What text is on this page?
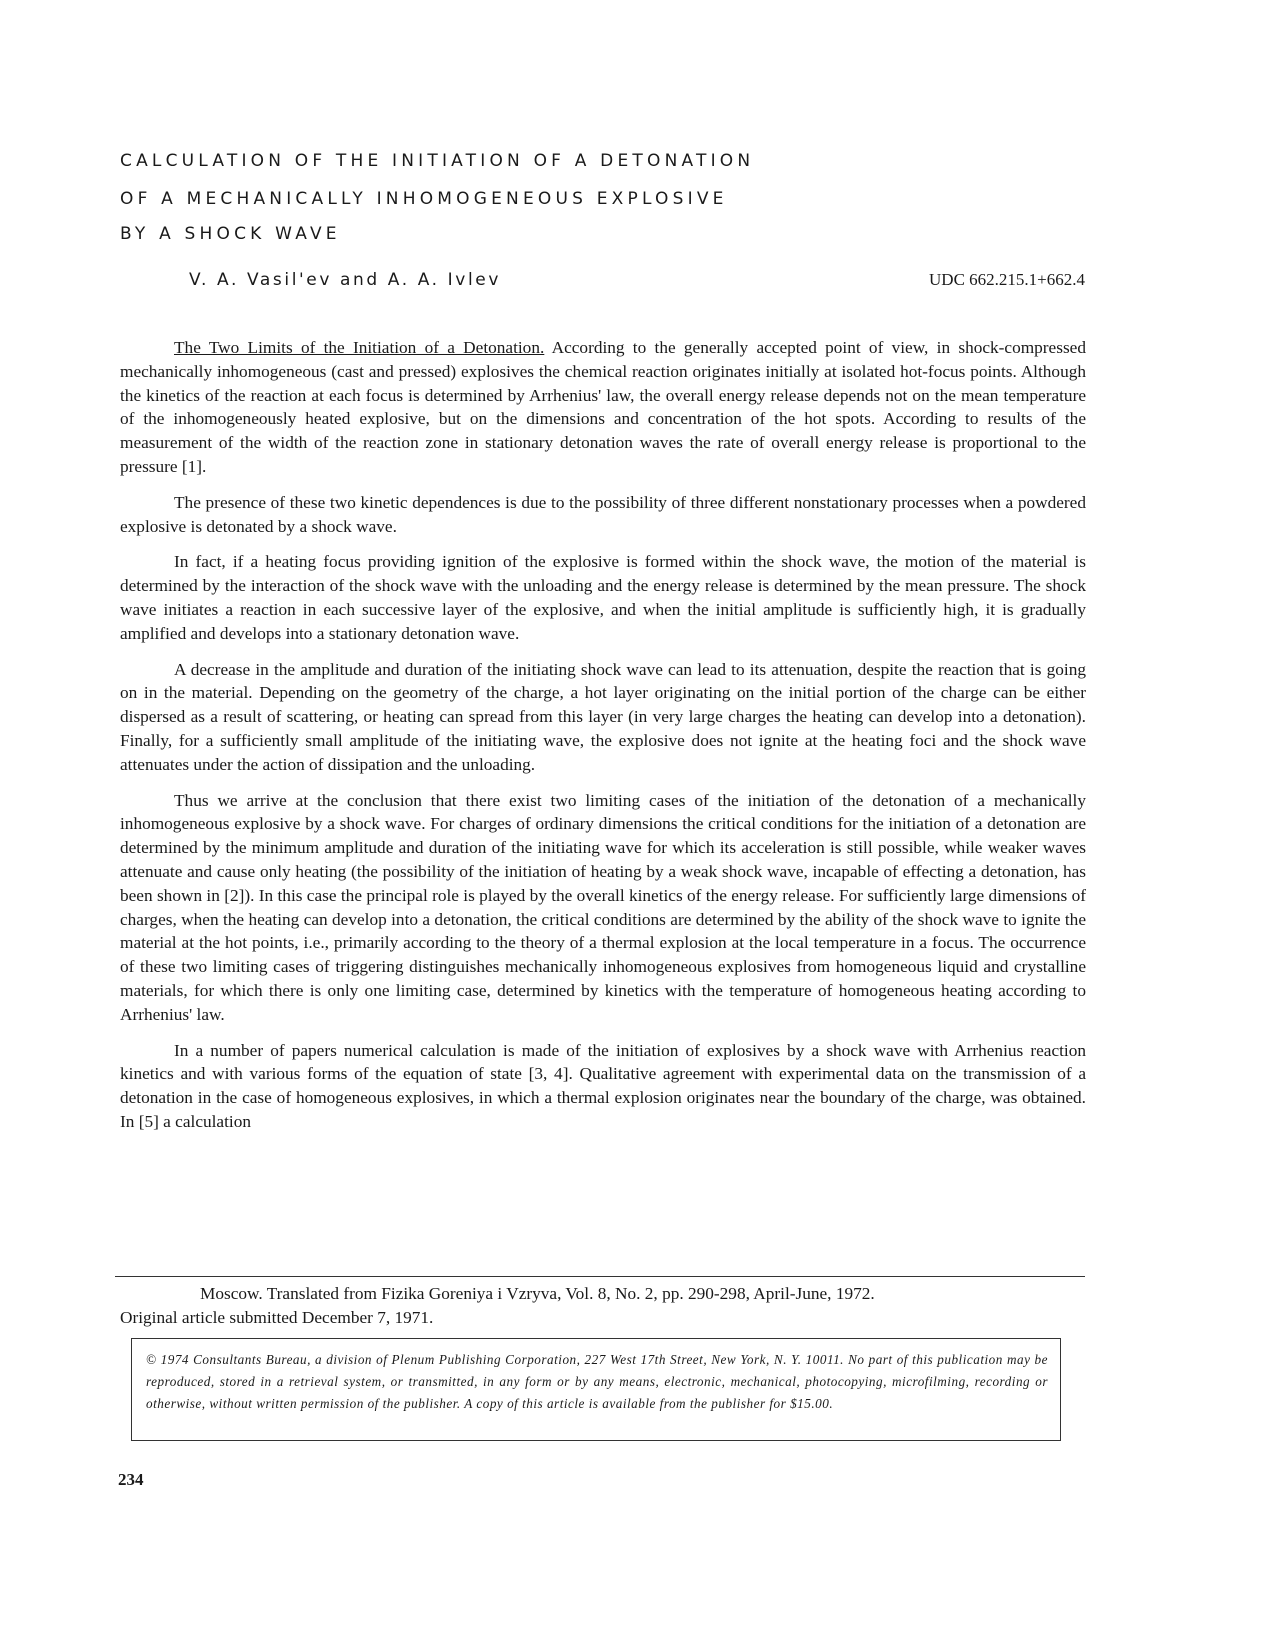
CALCULATION OF THE INITIATION OF A DETONATION
OF A MECHANICALLY INHOMOGENEOUS EXPLOSIVE
BY A SHOCK WAVE
V. A. Vasil'ev and A. A. Ivlev	UDC 662.215.1+662.4

The Two Limits of the Initiation of a Detonation. According to the generally accepted point of view, in shock-compressed mechanically inhomogeneous (cast and pressed) explosives the chemical reaction originates initially at isolated hot-focus points. Although the kinetics of the reaction at each focus is determined by Arrhenius' law, the overall energy release depends not on the mean temperature of the inhomogeneously heated explosive, but on the dimensions and concentration of the hot spots. According to results of the measurement of the width of the reaction zone in stationary detonation waves the rate of overall energy release is proportional to the pressure [1].

The presence of these two kinetic dependences is due to the possibility of three different nonstationary processes when a powdered explosive is detonated by a shock wave.

In fact, if a heating focus providing ignition of the explosive is formed within the shock wave, the motion of the material is determined by the interaction of the shock wave with the unloading and the energy release is determined by the mean pressure. The shock wave initiates a reaction in each successive layer of the explosive, and when the initial amplitude is sufficiently high, it is gradually amplified and develops into a stationary detonation wave.

A decrease in the amplitude and duration of the initiating shock wave can lead to its attenuation, despite the reaction that is going on in the material. Depending on the geometry of the charge, a hot layer originating on the initial portion of the charge can be either dispersed as a result of scattering, or heating can spread from this layer (in very large charges the heating can develop into a detonation). Finally, for a sufficiently small amplitude of the initiating wave, the explosive does not ignite at the heating foci and the shock wave attenuates under the action of dissipation and the unloading.

Thus we arrive at the conclusion that there exist two limiting cases of the initiation of the detonation of a mechanically inhomogeneous explosive by a shock wave. For charges of ordinary dimensions the critical conditions for the initiation of a detonation are determined by the minimum amplitude and duration of the initiating wave for which its acceleration is still possible, while weaker waves attenuate and cause only heating (the possibility of the initiation of heating by a weak shock wave, incapable of effecting a detonation, has been shown in [2]). In this case the principal role is played by the overall kinetics of the energy release. For sufficiently large dimensions of charges, when the heating can develop into a detonation, the critical conditions are determined by the ability of the shock wave to ignite the material at the hot points, i.e., primarily according to the theory of a thermal explosion at the local temperature in a focus. The occurrence of these two limiting cases of triggering distinguishes mechanically inhomogeneous explosives from homogeneous liquid and crystalline materials, for which there is only one limiting case, determined by kinetics with the temperature of homogeneous heating according to Arrhenius' law.

In a number of papers numerical calculation is made of the initiation of explosives by a shock wave with Arrhenius reaction kinetics and with various forms of the equation of state [3, 4]. Qualitative agreement with experimental data on the transmission of a detonation in the case of homogeneous explosives, in which a thermal explosion originates near the boundary of the charge, was obtained. In [5] a calculation

Moscow. Translated from Fizika Goreniya i Vzryva, Vol. 8, No. 2, pp. 290-298, April-June, 1972.
Original article submitted December 7, 1971.
© 1974 Consultants Bureau, a division of Plenum Publishing Corporation, 227 West 17th Street, New York, N. Y. 10011. No part of this publication may be reproduced, stored in a retrieval system, or transmitted, in any form or by any means, electronic, mechanical, photocopying, microfilming, recording or otherwise, without written permission of the publisher. A copy of this article is available from the publisher for $15.00.
234
